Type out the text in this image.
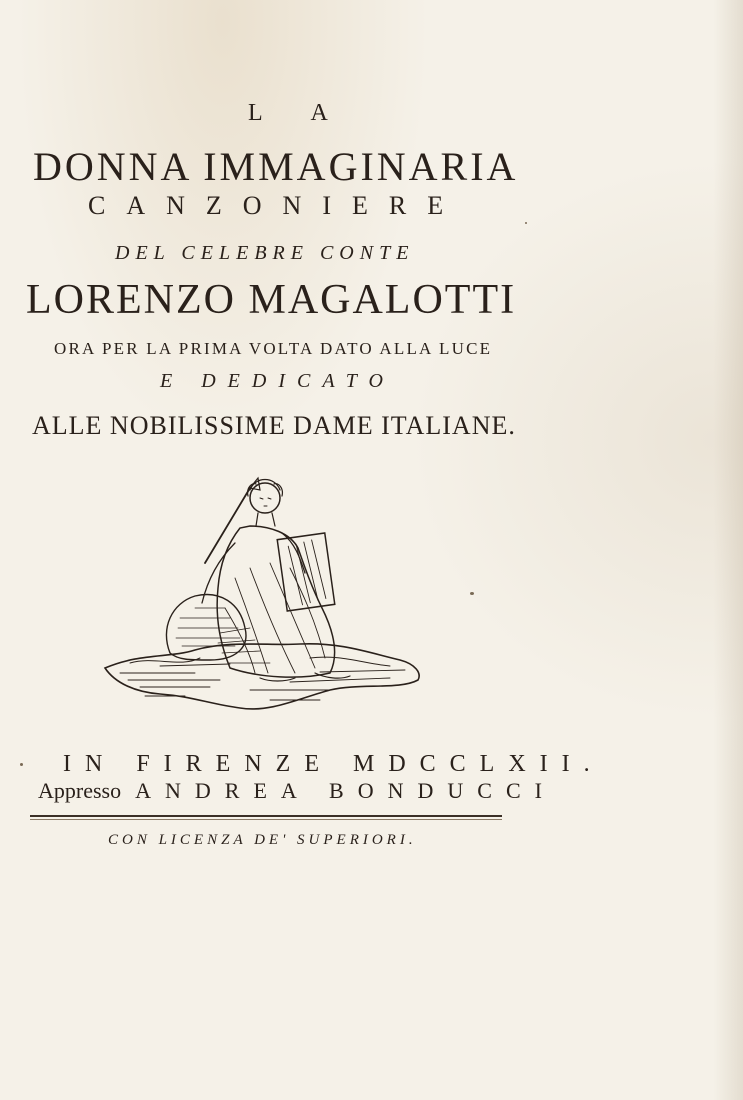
L A
DONNA IMMAGINARIA
CANZONIERE
DEL CELEBRE CONTE
LORENZO MAGALOTTI
ORA PER LA PRIMA VOLTA DATO ALLA LUCE
E DEDICATO
ALLE NOBILISSIME DAME ITALIANE.
IN FIRENZE MDCCLXII.
Appresso ANDREA BONDUCCI
CON LICENZA DE' SUPERIORI.
